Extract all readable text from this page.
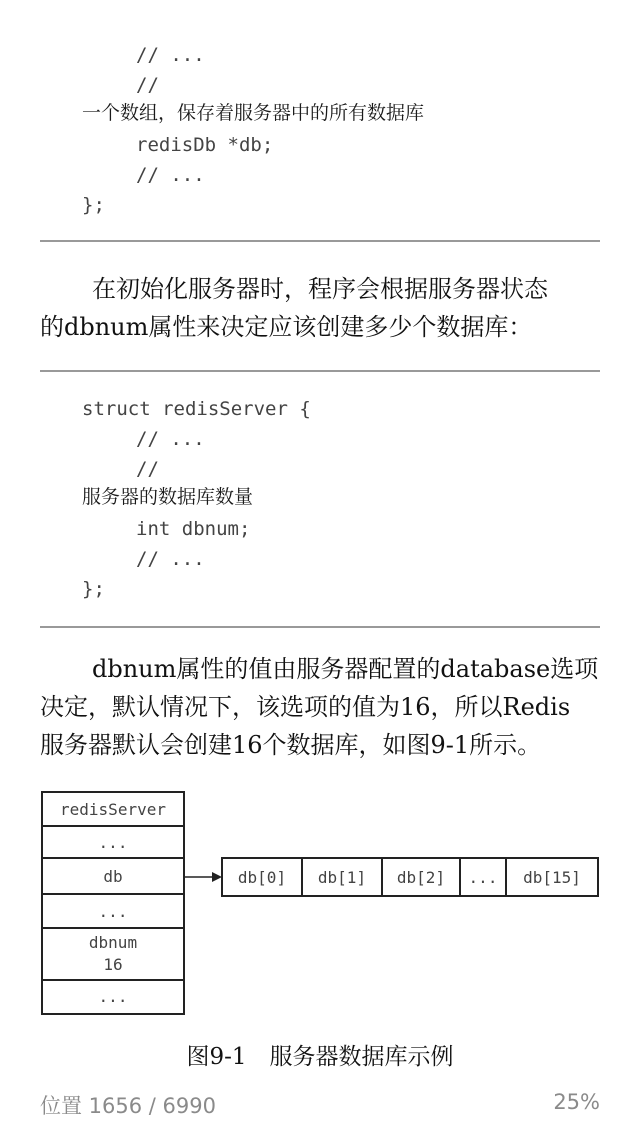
// ...
//
一个数组，保存着服务器中的所有数据库
redisDb *db;
// ...
};
在初始化服务器时，程序会根据服务器状态
的dbnum属性来决定应该创建多少个数据库：
struct redisServer {
// ...
//
服务器的数据库数量
int dbnum;
// ...
};
dbnum属性的值由服务器配置的database选项
决定，默认情况下，该选项的值为16，所以Redis
服务器默认会创建16个数据库，如图9-1所示。
redisServer
...
db
...
dbnum
16
...
db[0] db[1] db[2] ... db[15]
图9-1　服务器数据库示例
位置 1656 / 6990	25%
